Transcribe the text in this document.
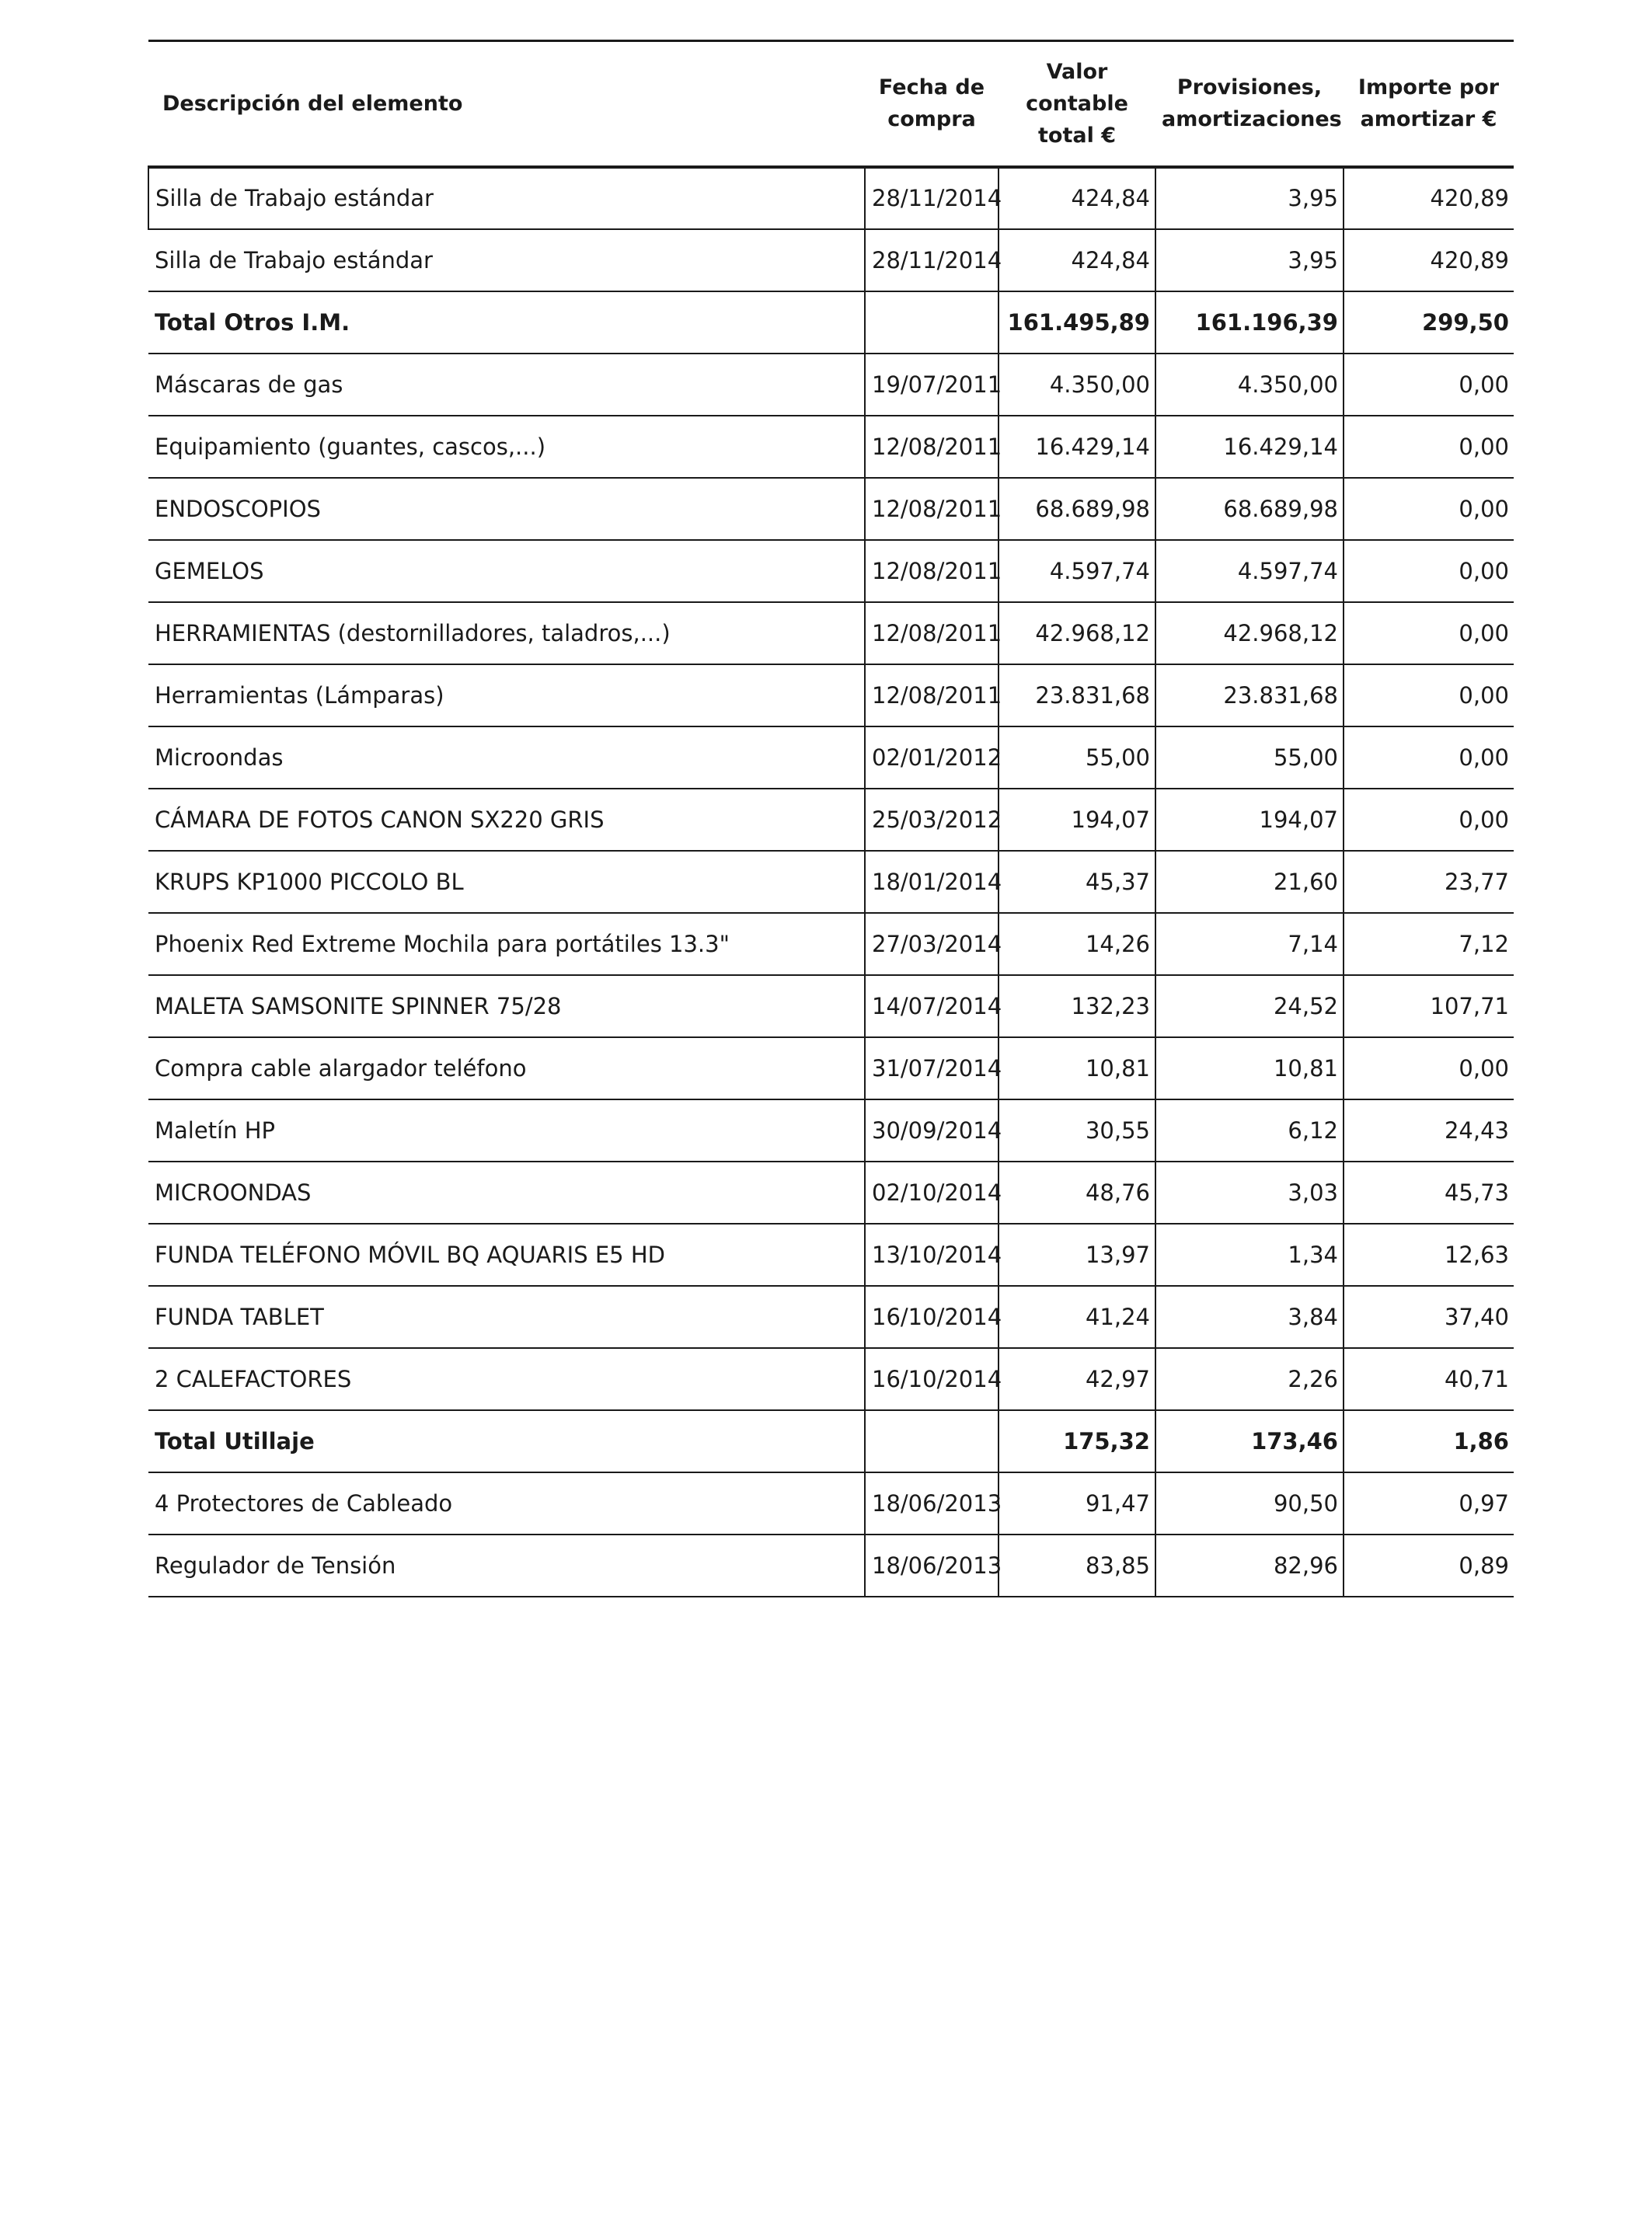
Descripción del elemento	Fecha de compra	Valor contable total €	Provisiones, amortizaciones	Importe por amortizar €
Silla de Trabajo estándar	28/11/2014	424,84	3,95	420,89
Silla de Trabajo estándar	28/11/2014	424,84	3,95	420,89
Total Otros I.M.		161.495,89	161.196,39	299,50
Máscaras de gas	19/07/2011	4.350,00	4.350,00	0,00
Equipamiento (guantes, cascos,...)	12/08/2011	16.429,14	16.429,14	0,00
ENDOSCOPIOS	12/08/2011	68.689,98	68.689,98	0,00
GEMELOS	12/08/2011	4.597,74	4.597,74	0,00
HERRAMIENTAS (destornilladores, taladros,...)	12/08/2011	42.968,12	42.968,12	0,00
Herramientas (Lámparas)	12/08/2011	23.831,68	23.831,68	0,00
Microondas	02/01/2012	55,00	55,00	0,00
CÁMARA DE FOTOS CANON SX220 GRIS	25/03/2012	194,07	194,07	0,00
KRUPS KP1000 PICCOLO BL	18/01/2014	45,37	21,60	23,77
Phoenix Red Extreme Mochila para portátiles 13.3"	27/03/2014	14,26	7,14	7,12
MALETA SAMSONITE SPINNER 75/28	14/07/2014	132,23	24,52	107,71
Compra cable alargador teléfono	31/07/2014	10,81	10,81	0,00
Maletín HP	30/09/2014	30,55	6,12	24,43
MICROONDAS	02/10/2014	48,76	3,03	45,73
FUNDA TELÉFONO MÓVIL BQ AQUARIS E5 HD	13/10/2014	13,97	1,34	12,63
FUNDA TABLET	16/10/2014	41,24	3,84	37,40
2 CALEFACTORES	16/10/2014	42,97	2,26	40,71
Total Utillaje		175,32	173,46	1,86
4 Protectores de Cableado	18/06/2013	91,47	90,50	0,97
Regulador de Tensión	18/06/2013	83,85	82,96	0,89
